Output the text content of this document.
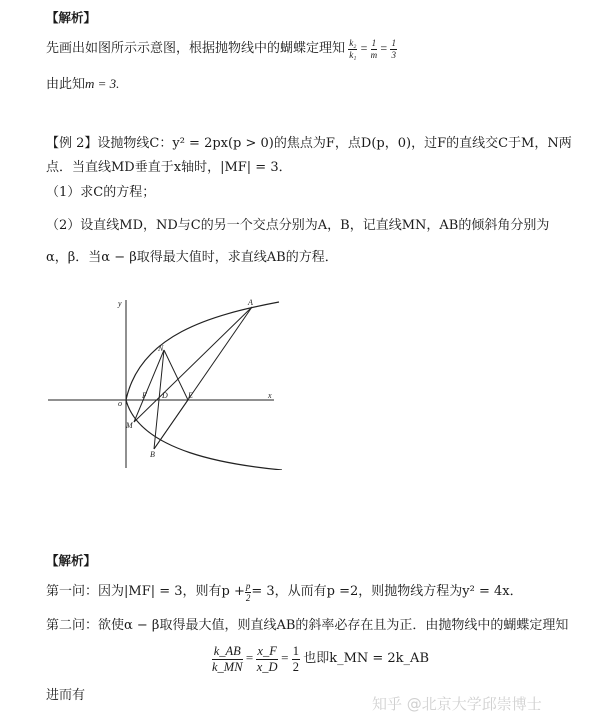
【解析】
先画出如图所示示意图，根据抛物线中的蝴蝶定理知 $\frac{\text{k₂}}{\text{k₁}} = \frac{1}{m} = \frac{1}{3}$
由此知m = 3.
【例 2】设抛物线C：y² = 2px(p > 0)的焦点为F，点D(p，0)，过F的直线交C于M，N两
点．当直线MD垂直于x轴时，|MF| = 3．
（1）求C的方程；
（2）设直线MD，ND与C的另一个交点分别为A，B，记直线MN，AB的倾斜角分别为
α，β．当α − β取得最大值时，求直线AB的方程．
y
x
A
N
o
F D	E
M
B
【解析】
第一问：因为|MF| = 3，则有$p + \frac{p}{2} = 3$，从而有p =2，则抛物线方程为y² = 4x．
第二问：欲使α − β取得最大值，则直线AB的斜率必存在且为正．由抛物线中的蝴蝶定理知
$\frac{k\_AB}{k\_MN} = \frac{x\_F}{x\_D} = \frac{1}{2}$ 也即k_MN = 2k_AB
进而有	知乎 @北京大学邱崇博士
